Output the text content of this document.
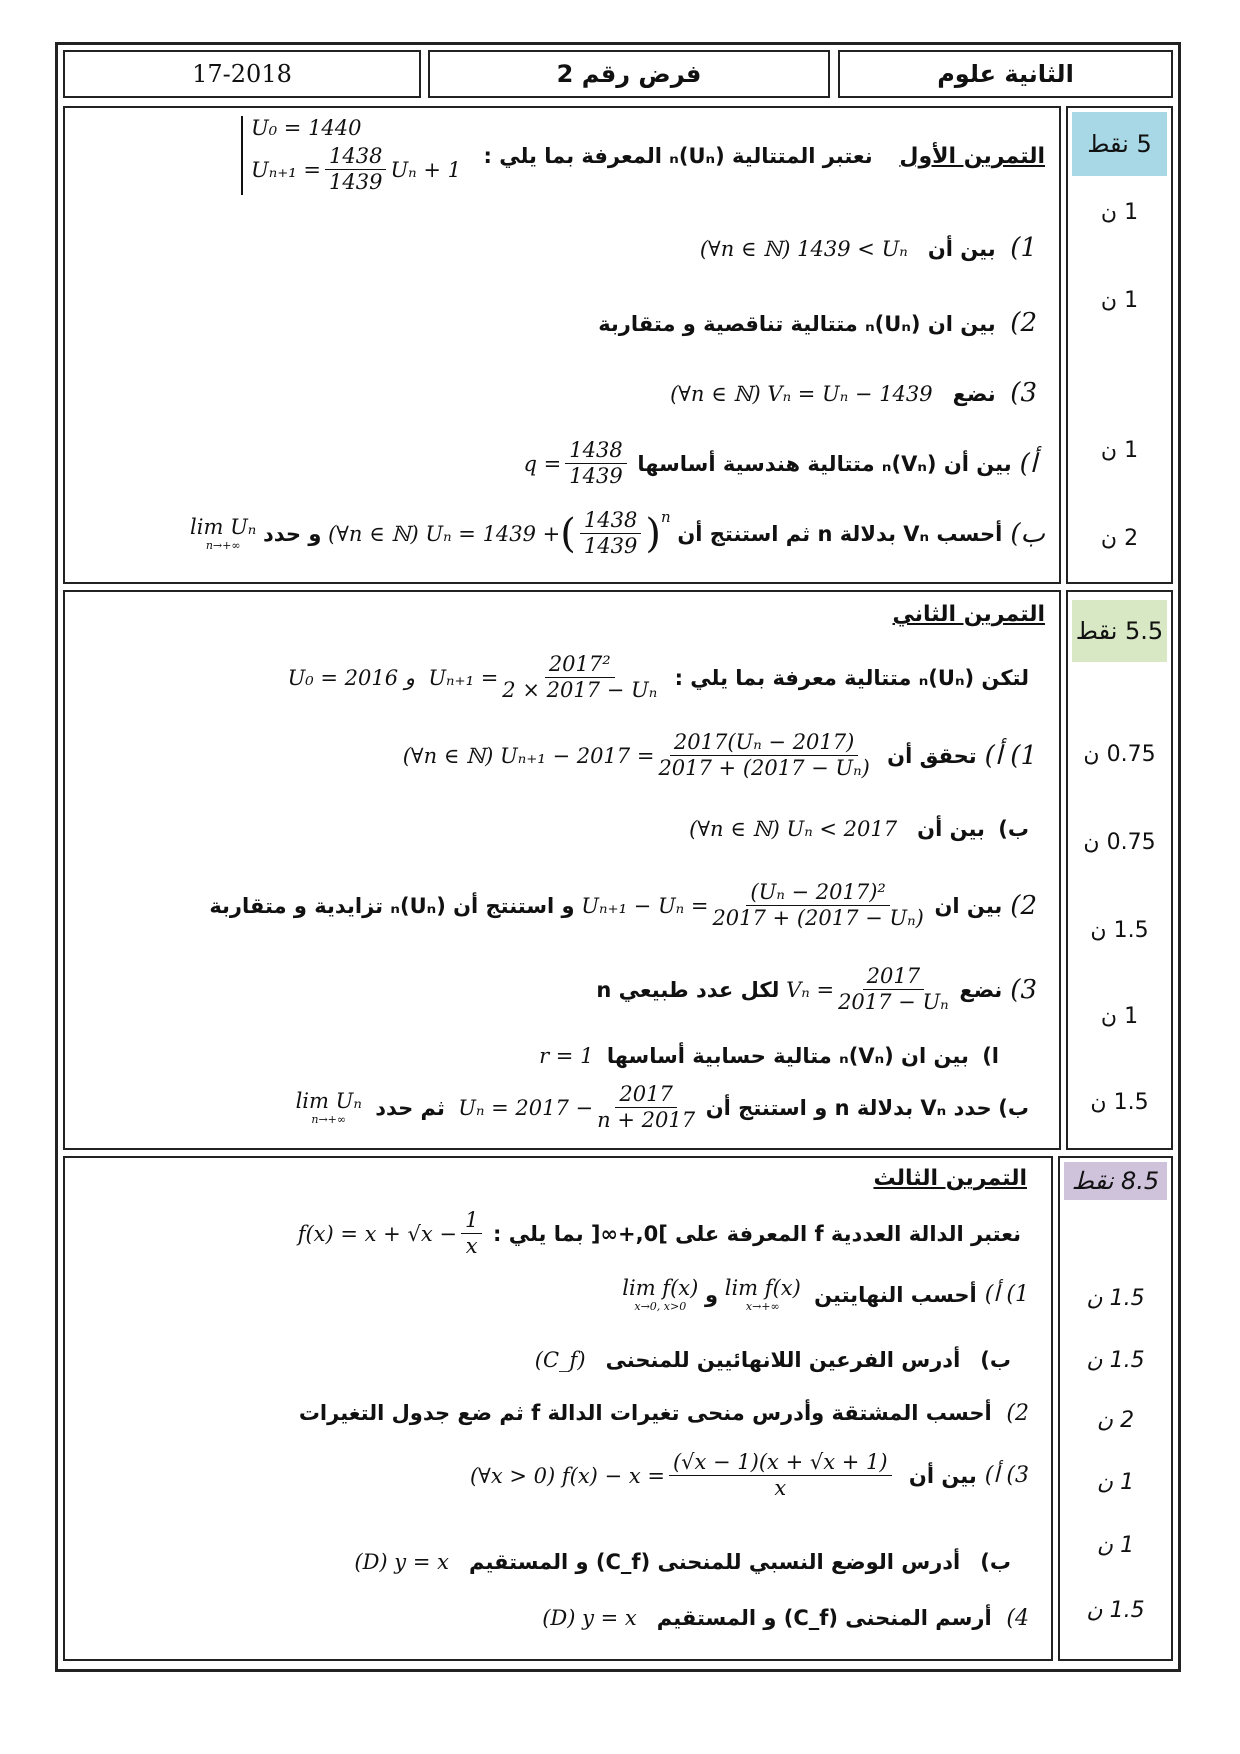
17-2018	فرض رقم 2	الثانية علوم
U₀ = 1440
$U_{n+1} = \frac{1438}{1439}$ Uₙ + 1
التمرين الأول    نعتبر المتتالية (Uₙ)ₙ المعرفة بما يلي :
1) بين أن   (∀n ∈ ℕ) 1439 < Uₙ
2) بين ان (Uₙ)ₙ متتالية تناقصية و متقاربة
3) نضع   (∀n ∈ ℕ) Vₙ = Uₙ − 1439
أ)
بين أن (Vₙ)ₙ متتالية هندسية أساسها

$q = \frac{1438}{1439}$
ب)
أحسب Vₙ بدلالة n ثم استنتج أن

(∀n ∈ ℕ) Uₙ = 1439 + ( $\frac{1438}{1439} )^n$

و حدد

lim Uₙ
n→+∞
5 نقط
1 ن
1 ن
1 ن
2 ن
التمرين الثاني
لتكن (Uₙ)ₙ متتالية معرفة بما يلي :

$U_{n+1} = \frac{\text{2017²}}{\text{2 × 2017 − Uₙ}}$

U₀ = 2016 و
1) أ)
تحقق أن

(∀n ∈ ℕ) $U_{n+1} - 2017 = \frac{\text{2017(Uₙ − 2017)}}{\text{2017 + (2017 − Uₙ)}}$
ب)  بين أن   (∀n ∈ ℕ) Uₙ < 2017
2)
بين ان

$U_{n+1} - U_n = \frac{\text{(Uₙ − 2017)²}}{\text{2017 + (2017 − Uₙ)}}$

و استنتج أن (Uₙ)ₙ تزايدية و متقاربة
3)
نضع

$V_n = \frac{2017}{\text{2017 − Uₙ}}$

لكل عدد طبيعي n
ا)  بين ان (Vₙ)ₙ متالية حسابية أساسها  r = 1
ب)

حدد Vₙ بدلالة n و استنتج أن

$U_n = 2017 - \frac{2017}{n + 2017}$

ثم حدد

lim Uₙ
n→+∞
5.5 نقط
0.75 ن
0.75 ن
1.5 ن
1 ن
1.5 ن
التمرين الثالث
نعتبر الدالة العددية f المعرفة على ]0,+∞[ بما يلي :

$f(x) = x + √x - \frac{1}{x}$
1) أ)
أحسب النهايتين

lim f(x)
x→+∞

و

lim f(x)
x→0, x>0
ب)   أدرس الفرعين اللانهائيين للمنحنى   (C_f)
2) أحسب المشتقة وأدرس منحى تغيرات الدالة f ثم ضع جدول التغيرات
3) أ)
بين أن

(∀x > 0) $f(x) - x = \frac{(√x - 1)(x + √x + 1)}{x}$
ب)   أدرس الوضع النسبي للمنحنى (C_f) و المستقيم   (D) y = x
4) أرسم المنحنى (C_f) و المستقيم   (D) y = x
8.5 نقط
1.5 ن
1.5 ن
2 ن
1 ن
1 ن
1.5 ن
